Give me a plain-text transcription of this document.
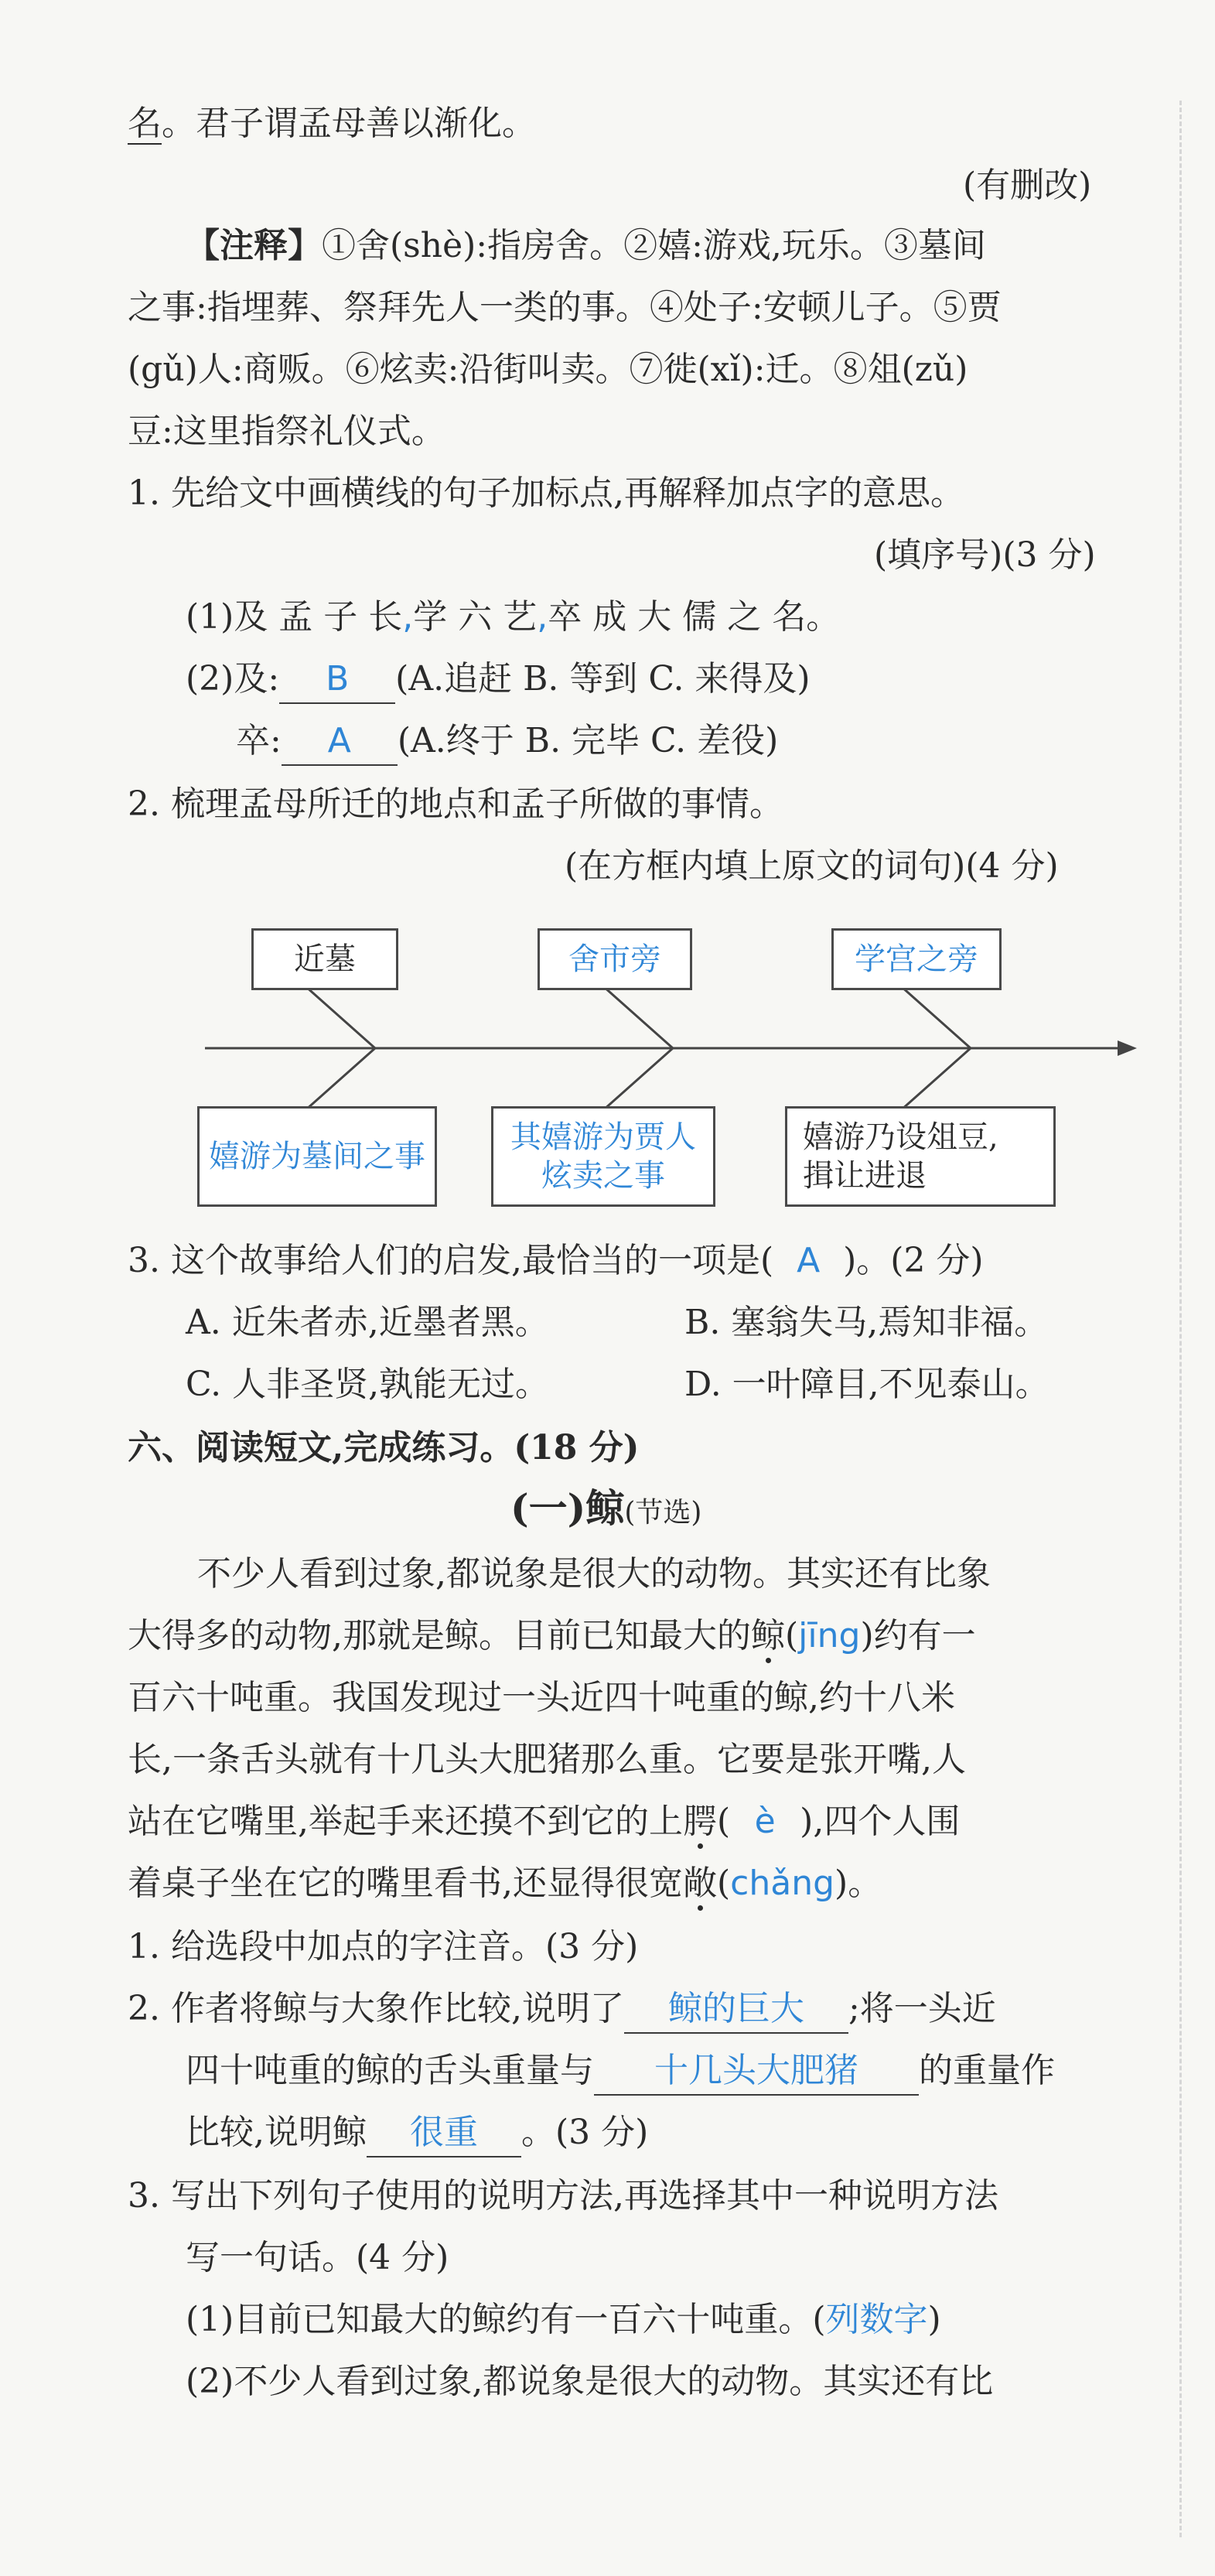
名。君子谓孟母善以渐化。
(有删改)
【注释】①舍(shè):指房舍。②嬉:游戏,玩乐。③墓间
之事:指埋葬、祭拜先人一类的事。④处子:安顿儿子。⑤贾
(gǔ)人:商贩。⑥炫卖:沿街叫卖。⑦徙(xǐ):迁。⑧俎(zǔ)
豆:这里指祭礼仪式。
1. 先给文中画横线的句子加标点,再解释加点字的意思。
(填序号)(3 分)
(1)及 孟 子 长,学 六 艺,卒 成 大 儒 之 名。
(2)及: B (A.追赶 B. 等到 C. 来得及)
卒: A (A.终于 B. 完毕 C. 差役)
2. 梳理孟母所迁的地点和孟子所做的事情。
(在方框内填上原文的词句)(4 分)
近墓	舍市旁	学宫之旁
嬉游为墓间之事
其嬉游为贾人
炫卖之事
嬉游乃设俎豆,
揖让进退
3. 这个故事给人们的启发,最恰当的一项是( A )。(2 分)
A. 近朱者赤,近墨者黑。	B. 塞翁失马,焉知非福。
C. 人非圣贤,孰能无过。	D. 一叶障目,不见泰山。
六、阅读短文,完成练习。(18 分)
(一)鲸(节选)
不少人看到过象,都说象是很大的动物。其实还有比象
大得多的动物,那就是鲸。目前已知最大的鲸(jīng)约有一
百六十吨重。我国发现过一头近四十吨重的鲸,约十八米
长,一条舌头就有十几头大肥猪那么重。它要是张开嘴,人
站在它嘴里,举起手来还摸不到它的上腭( è ),四个人围
着桌子坐在它的嘴里看书,还显得很宽敞(chǎng)。
1. 给选段中加点的字注音。(3 分)
2. 作者将鲸与大象作比较,说明了 鲸的巨大 ;将一头近
四十吨重的鲸的舌头重量与 十几头大肥猪 的重量作
比较,说明鲸 很重 。(3 分)
3. 写出下列句子使用的说明方法,再选择其中一种说明方法
写一句话。(4 分)
(1)目前已知最大的鲸约有一百六十吨重。(列数字)
(2)不少人看到过象,都说象是很大的动物。其实还有比
